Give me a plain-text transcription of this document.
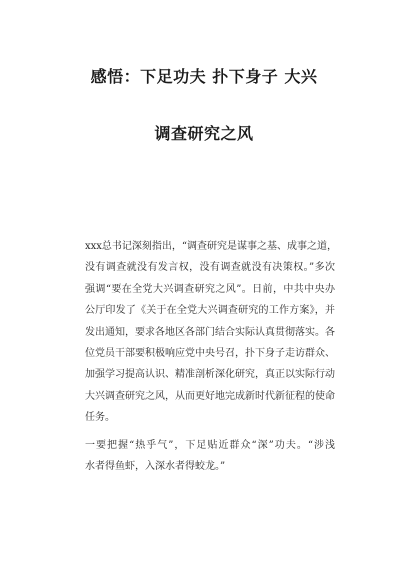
感悟：下足功夫 扑下身子 大兴
调查研究之风
xxx总书记深刻指出，“调查研究是谋事之基、成事之道，
没有调查就没有发言权，没有调查就没有决策权。”多次
强调“要在全党大兴调查研究之风”。日前，中共中央办
公厅印发了《关于在全党大兴调查研究的工作方案》，并
发出通知，要求各地区各部门结合实际认真贯彻落实。各
位党员干部要积极响应党中央号召，扑下身子走访群众、
加强学习提高认识、精准剖析深化研究，真正以实际行动
大兴调查研究之风，从而更好地完成新时代新征程的使命
任务。
一要把握“热乎气”，下足贴近群众“深”功夫。“涉浅
水者得鱼虾，入深水者得蛟龙。”
